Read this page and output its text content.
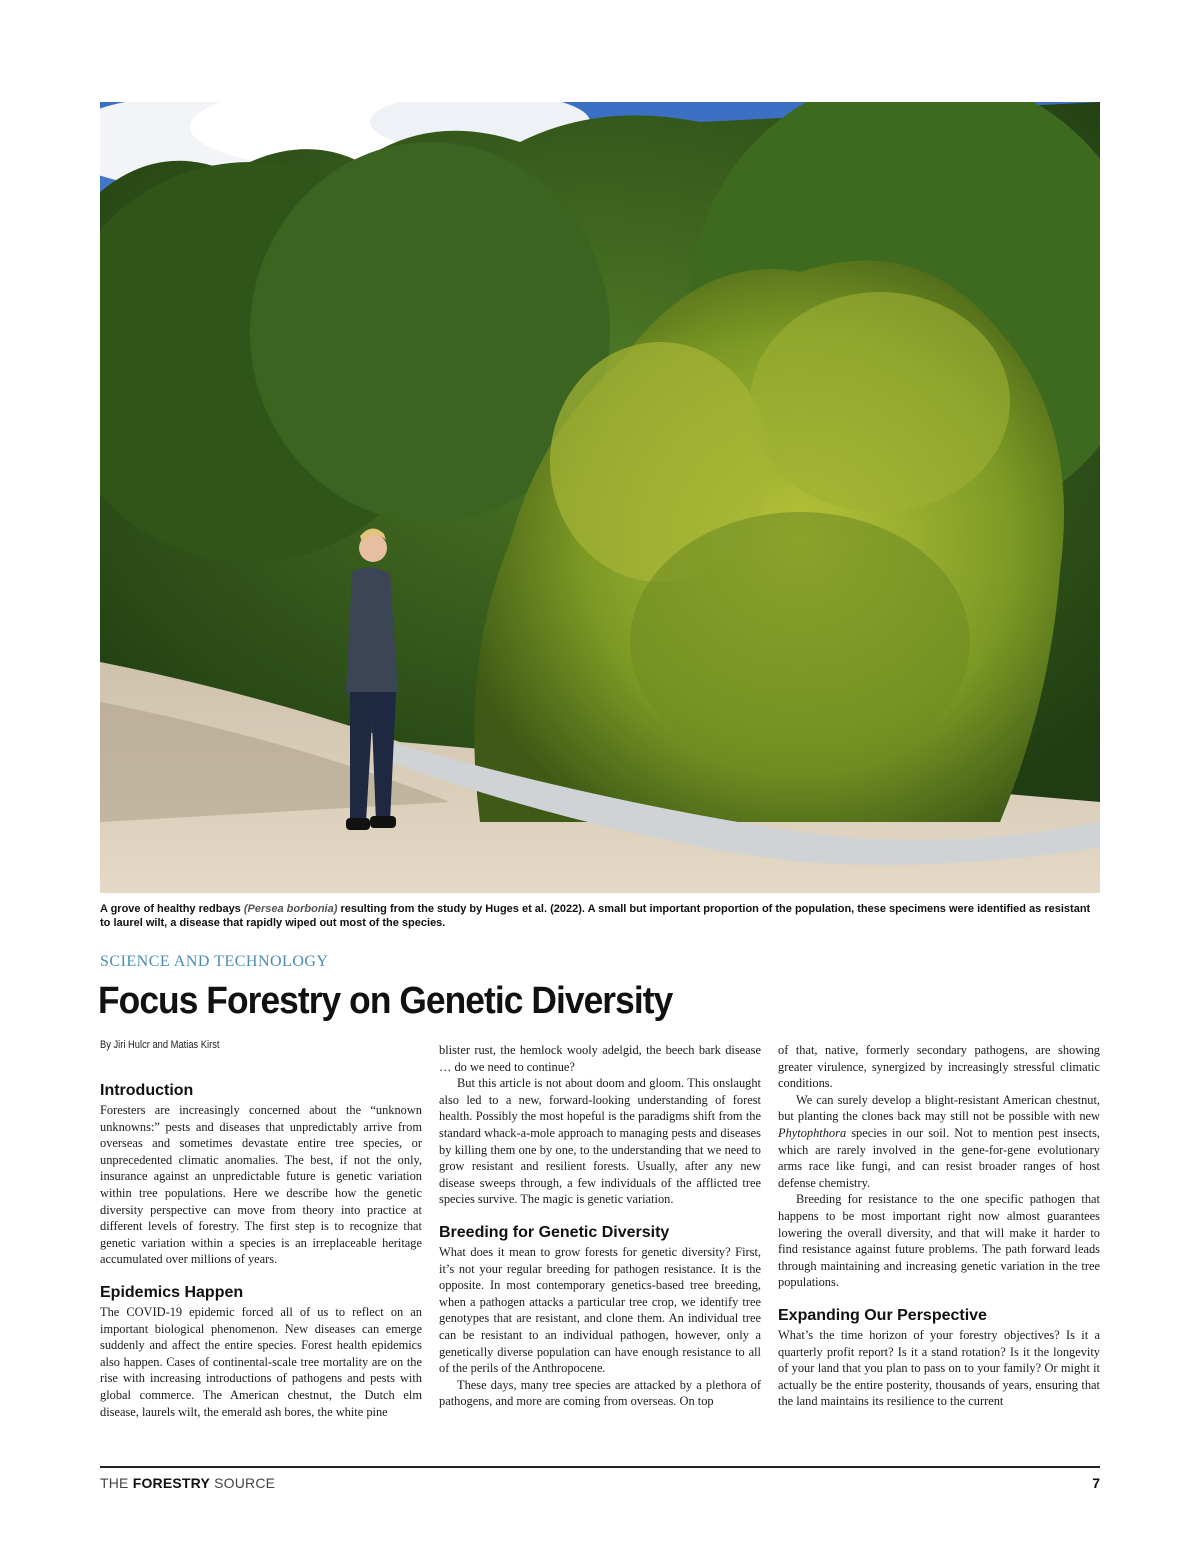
A grove of healthy redbays (Persea borbonia) resulting from the study by Huges et al. (2022). A small but important proportion of the population, these specimens were identified as resistant to laurel wilt, a disease that rapidly wiped out most of the species.
SCIENCE AND TECHNOLOGY
Focus Forestry on Genetic Diversity
By Jiri Hulcr and Matias Kirst
Introduction

Foresters are increasingly concerned about the “unknown unknowns:” pests and diseases that unpredictably arrive from overseas and sometimes devastate entire tree species, or unprecedented climatic anomalies. The best, if not the only, insurance against an unpredictable future is genetic variation within tree populations. Here we describe how the genetic diversity perspective can move from theory into practice at different levels of forestry. The first step is to recognize that genetic variation within a species is an irreplaceable heritage accumulated over millions of years.

Epidemics Happen

The COVID-19 epidemic forced all of us to reflect on an important biological phenomenon. New diseases can emerge suddenly and affect the entire species. Forest health epidemics also happen. Cases of continental-scale tree mortality are on the rise with increasing introductions of pathogens and pests with global commerce. The American chestnut, the Dutch elm disease, laurels wilt, the emerald ash bores, the white pine

blister rust, the hemlock wooly adelgid, the beech bark disease … do we need to continue?

But this article is not about doom and gloom. This onslaught also led to a new, forward-looking understanding of forest health. Possibly the most hopeful is the paradigms shift from the standard whack-a-mole approach to managing pests and diseases by killing them one by one, to the understanding that we need to grow resistant and resilient forests. Usually, after any new disease sweeps through, a few individuals of the afflicted tree species survive. The magic is genetic variation.

Breeding for Genetic Diversity

What does it mean to grow forests for genetic diversity? First, it’s not your regular breeding for pathogen resistance. It is the opposite. In most contemporary genetics-based tree breeding, when a pathogen attacks a particular tree crop, we identify tree genotypes that are resistant, and clone them. An individual tree can be resistant to an individual pathogen, however, only a genetically diverse population can have enough resistance to all of the perils of the Anthropocene.

These days, many tree species are attacked by a plethora of pathogens, and more are coming from overseas. On top

of that, native, formerly secondary pathogens, are showing greater virulence, synergized by increasingly stressful climatic conditions.

We can surely develop a blight-resistant American chestnut, but planting the clones back may still not be possible with new Phytophthora species in our soil. Not to mention pest insects, which are rarely involved in the gene-for-gene evolutionary arms race like fungi, and can resist broader ranges of host defense chemistry.

Breeding for resistance to the one specific pathogen that happens to be most important right now almost guarantees lowering the overall diversity, and that will make it harder to find resistance against future problems. The path forward leads through maintaining and increasing genetic variation in the tree populations.

Expanding Our Perspective

What’s the time horizon of your forestry objectives? Is it a quarterly profit report? Is it a stand rotation? Is it the longevity of your land that you plan to pass on to your family? Or might it actually be the entire posterity, thousands of years, ensuring that the land maintains its resilience to the current

THE FORESTRY SOURCE	7
